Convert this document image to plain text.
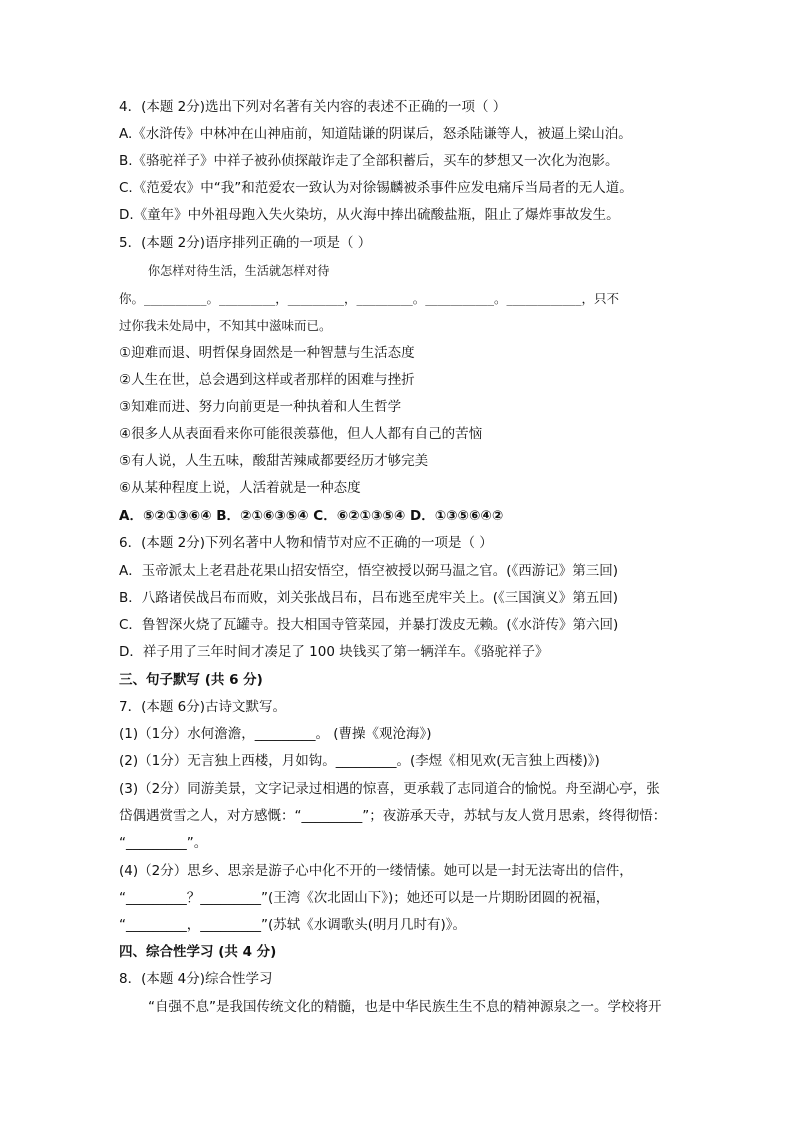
4．(本题 2分)选出下列对名著有关内容的表述不正确的一项（ ）
A.《水浒传》中林冲在山神庙前，知道陆谦的阴谋后，怒杀陆谦等人，被逼上梁山泊。
B.《骆驼祥子》中祥子被孙侦探敲诈走了全部积蓄后，买车的梦想又一次化为泡影。
C.《范爱农》中“我”和范爱农一致认为对徐锡麟被杀事件应发电痛斥当局者的无人道。
D.《童年》中外祖母跑入失火染坊，从火海中捧出硫酸盐瓶，阻止了爆炸事故发生。
5．(本题 2分)语序排列正确的一项是（ ）
你怎样对待生活，生活就怎样对待
你。__________。_________，_________，_________。___________。____________，只不
过你我未处局中，不知其中滋味而已。
①迎难而退、明哲保身固然是一种智慧与生活态度
②人生在世，总会遇到这样或者那样的困难与挫折
③知难而进、努力向前更是一种执着和人生哲学
④很多人从表面看来你可能很羡慕他，但人人都有自己的苦恼
⑤有人说，人生五味，酸甜苦辣咸都要经历才够完美
⑥从某种程度上说，人活着就是一种态度
A．⑤②①③⑥④ B．②①⑥③⑤④ C．⑥②①③⑤④ D．①③⑤⑥④②
6．(本题 2分)下列名著中人物和情节对应不正确的一项是（ ）
A．玉帝派太上老君赴花果山招安悟空，悟空被授以弼马温之官。(《西游记》第三回)
B．八路诸侯战吕布而败，刘关张战吕布，吕布逃至虎牢关上。(《三国演义》第五回)
C．鲁智深火烧了瓦罐寺。投大相国寺管菜园，并暴打泼皮无赖。(《水浒传》第六回)
D．祥子用了三年时间才凑足了 100 块钱买了第一辆洋车。《骆驼祥子》
三、句子默写 (共 6 分)
7．(本题 6分)古诗文默写。
(1)（1分）水何澹澹，_________。 (曹操《观沧海》)
(2)（1分）无言独上西楼，月如钩。_________。(李煜《相见欢(无言独上西楼)》)
(3)（2分）同游美景，文字记录过相遇的惊喜，更承载了志同道合的愉悦。舟至湖心亭，张
岱偶遇赏雪之人，对方感慨：“_________”；夜游承天寺，苏轼与友人赏月思索，终得彻悟：
“_________”。
(4)（2分）思乡、思亲是游子心中化不开的一缕情愫。她可以是一封无法寄出的信件，
“_________？_________”(王湾《次北固山下》)；她还可以是一片期盼团圆的祝福，
“_________，_________”(苏轼《水调歌头(明月几时有)》。
四、综合性学习 (共 4 分)
8．(本题 4分)综合性学习
“自强不息”是我国传统文化的精髓，也是中华民族生生不息的精神源泉之一。学校将开
